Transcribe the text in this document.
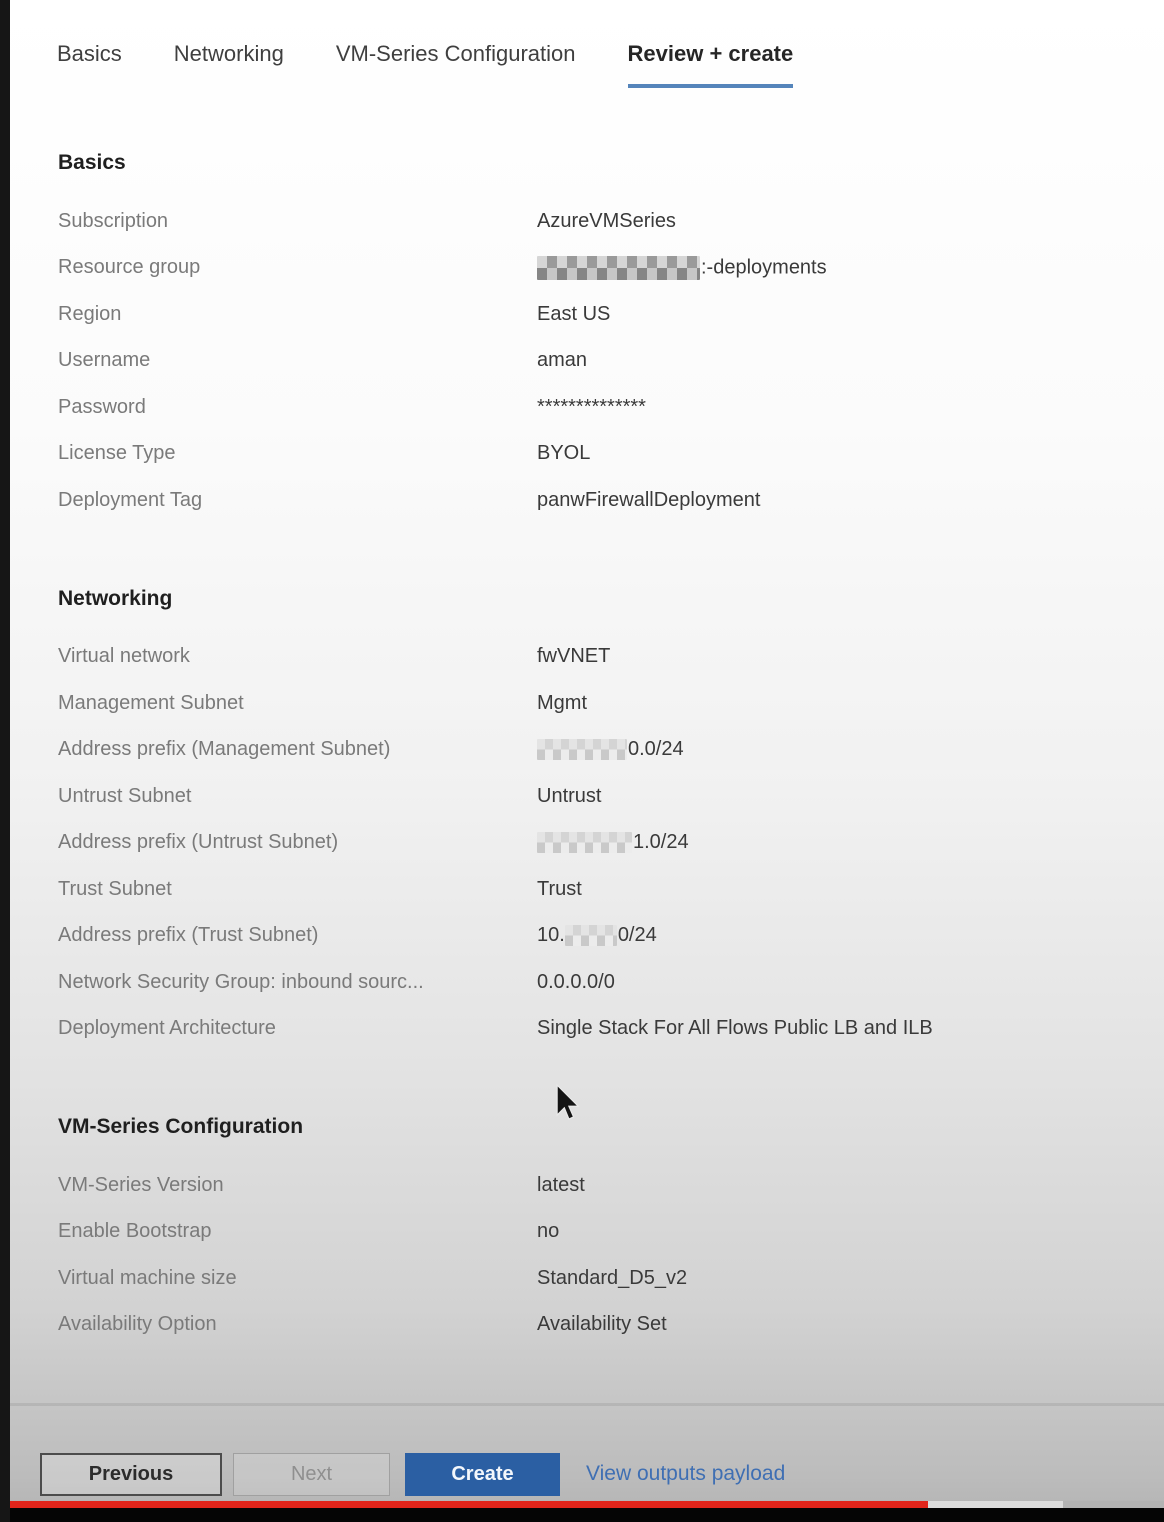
Basics Networking VM-Series Configuration Review + create
Basics
Subscription	AzureVMSeries
Resource group	:-deployments
Region	East US
Username	aman
Password	**************
License Type	BYOL
Deployment Tag	panwFirewallDeployment
Networking
Virtual network	fwVNET
Management Subnet	Mgmt
Address prefix (Management Subnet)	0.0/24
Untrust Subnet	Untrust
Address prefix (Untrust Subnet)	1.0/24
Trust Subnet	Trust
Address prefix (Trust Subnet)	10.	0/24
Network Security Group: inbound sourc...	0.0.0.0/0
Deployment Architecture	Single Stack For All Flows Public LB and ILB
VM-Series Configuration
VM-Series Version	latest
Enable Bootstrap	no
Virtual machine size	Standard_D5_v2
Availability Option	Availability Set
Previous	Next	Create	View outputs payload
